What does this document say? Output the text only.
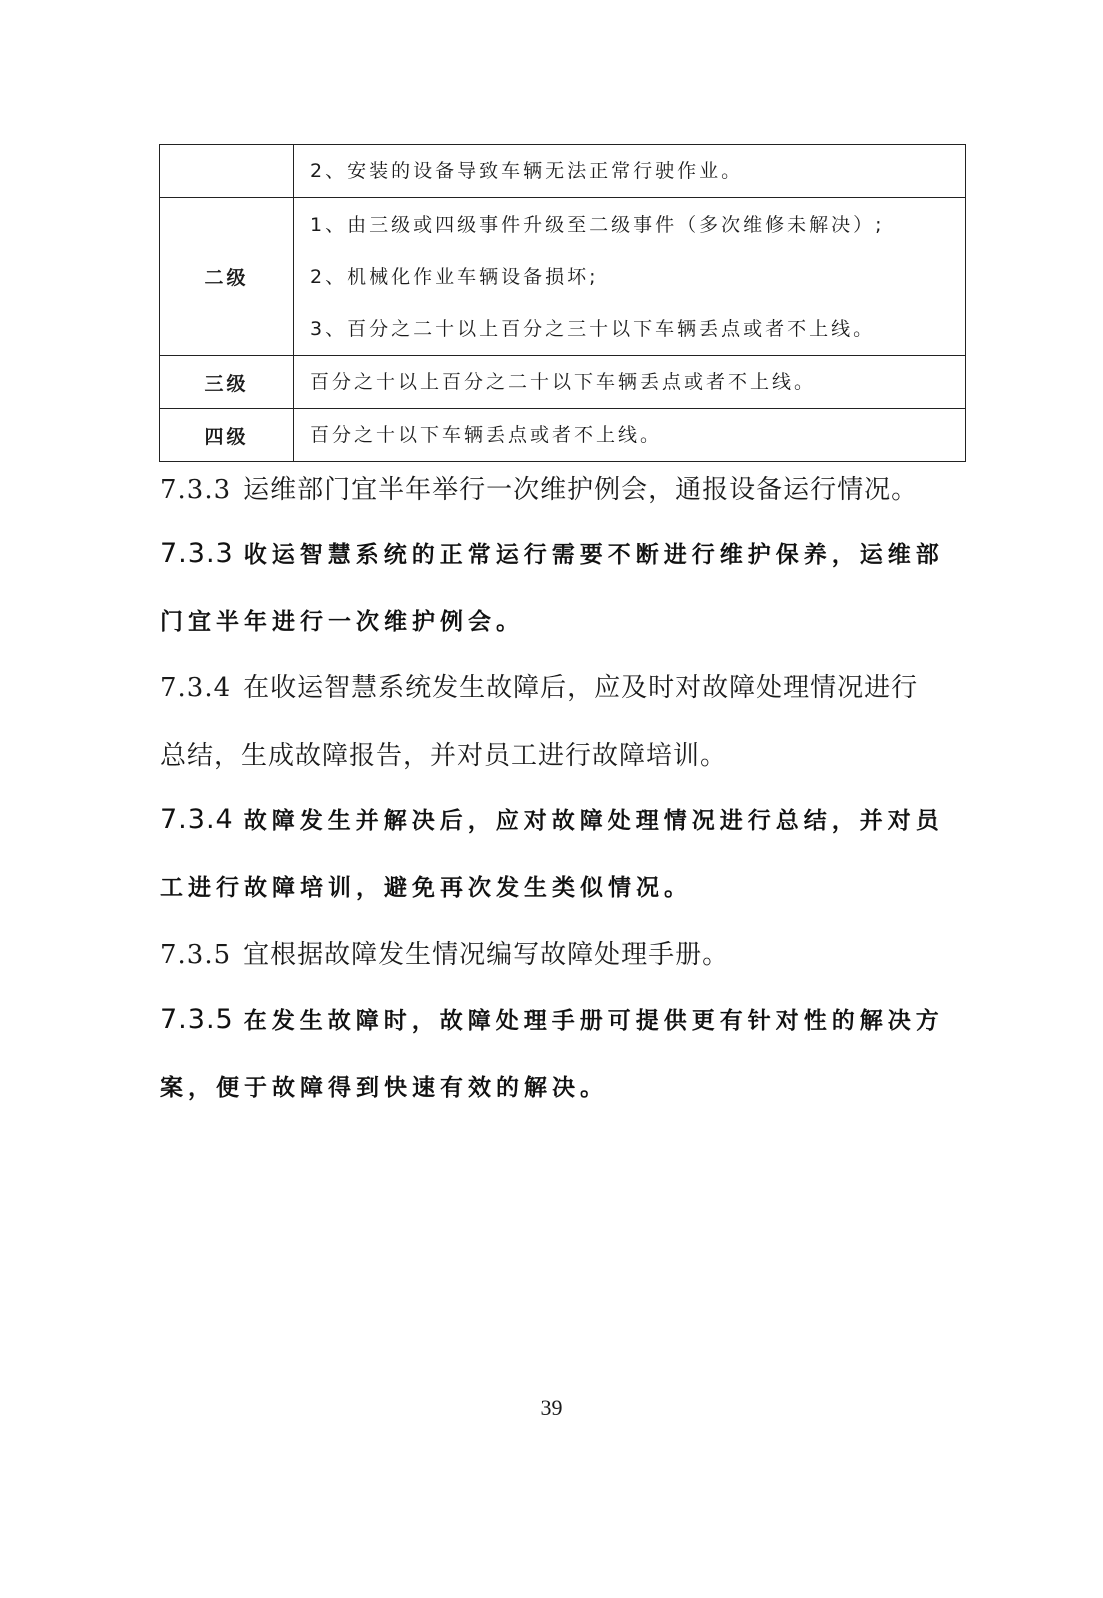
	2、安装的设备导致车辆无法正常行驶作业。
二级	1、由三级或四级事件升级至二级事件（多次维修未解决）;
2、机械化作业车辆设备损坏;
3、百分之二十以上百分之三十以下车辆丢点或者不上线。

三级	百分之十以上百分之二十以下车辆丢点或者不上线。
四级	百分之十以下车辆丢点或者不上线。

7.3.3 运维部门宜半年举行一次维护例会，通报设备运行情况。

7.3.3 收运智慧系统的正常运行需要不断进行维护保养，运维部
门宜半年进行一次维护例会。

7.3.4 在收运智慧系统发生故障后，应及时对故障处理情况进行
总结，生成故障报告，并对员工进行故障培训。

7.3.4 故障发生并解决后，应对故障处理情况进行总结，并对员
工进行故障培训，避免再次发生类似情况。

7.3.5 宜根据故障发生情况编写故障处理手册。

7.3.5 在发生故障时，故障处理手册可提供更有针对性的解决方
案，便于故障得到快速有效的解决。

39
